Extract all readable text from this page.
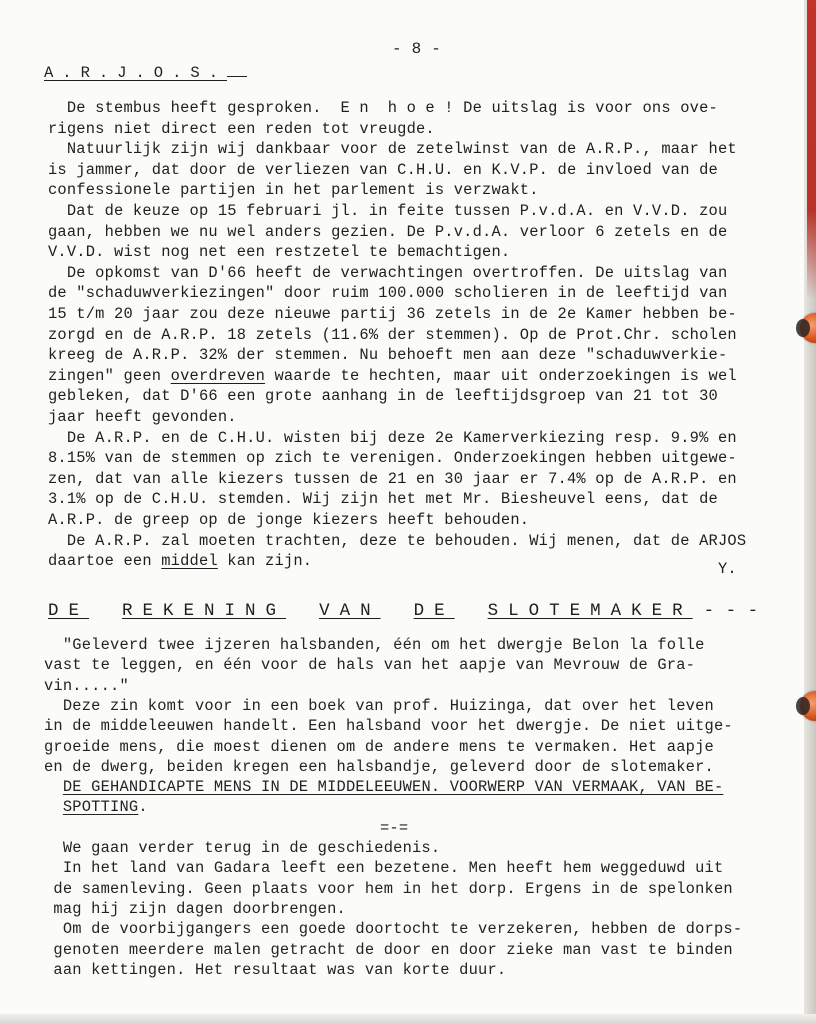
- 8 -
A.R.J.O.S.
De stembus heeft gesproken.  E n  h o e ! De uitslag is voor ons ove-
rigens niet direct een reden tot vreugde.
Natuurlijk zijn wij dankbaar voor de zetelwinst van de A.R.P., maar het
is jammer, dat door de verliezen van C.H.U. en K.V.P. de invloed van de
confessionele partijen in het parlement is verzwakt.
Dat de keuze op 15 februari jl. in feite tussen P.v.d.A. en V.V.D. zou
gaan, hebben we nu wel anders gezien. De P.v.d.A. verloor 6 zetels en de
V.V.D. wist nog net een restzetel te bemachtigen.
De opkomst van D'66 heeft de verwachtingen overtroffen. De uitslag van
de "schaduwverkiezingen" door ruim 100.000 scholieren in de leeftijd van
15 t/m 20 jaar zou deze nieuwe partij 36 zetels in de 2e Kamer hebben be-
zorgd en de A.R.P. 18 zetels (11.6% der stemmen). Op de Prot.Chr. scholen
kreeg de A.R.P. 32% der stemmen. Nu behoeft men aan deze "schaduwverkie-
zingen" geen overdreven waarde te hechten, maar uit onderzoekingen is wel
gebleken, dat D'66 een grote aanhang in de leeftijdsgroep van 21 tot 30
jaar heeft gevonden.
De A.R.P. en de C.H.U. wisten bij deze 2e Kamerverkiezing resp. 9.9% en
8.15% van de stemmen op zich te verenigen. Onderzoekingen hebben uitgewe-
zen, dat van alle kiezers tussen de 21 en 30 jaar er 7.4% op de A.R.P. en
3.1% op de C.H.U. stemden. Wij zijn het met Mr. Biesheuvel eens, dat de
A.R.P. de greep op de jonge kiezers heeft behouden.
De A.R.P. zal moeten trachten, deze te behouden. Wij menen, dat de ARJOS
daartoe een middel kan zijn.	Y.
DE REKENING VAN DE SLOTEMAKER - - -
"Geleverd twee ijzeren halsbanden, één om het dwergje Belon la folle
vast te leggen, en één voor de hals van het aapje van Mevrouw de Gra-
vin....."
Deze zin komt voor in een boek van prof. Huizinga, dat over het leven
in de middeleeuwen handelt. Een halsband voor het dwergje. De niet uitge-
groeide mens, die moest dienen om de andere mens te vermaken. Het aapje
en de dwerg, beiden kregen een halsbandje, geleverd door de slotemaker.
DE GEHANDICAPTE MENS IN DE MIDDELEEUWEN. VOORWERP VAN VERMAAK, VAN BE-
SPOTTING.
=-=
We gaan verder terug in de geschiedenis.
In het land van Gadara leeft een bezetene. Men heeft hem weggeduwd uit
de samenleving. Geen plaats voor hem in het dorp. Ergens in de spelonken
mag hij zijn dagen doorbrengen.
Om de voorbijgangers een goede doortocht te verzekeren, hebben de dorps-
genoten meerdere malen getracht de door en door zieke man vast te binden
aan kettingen. Het resultaat was van korte duur.
